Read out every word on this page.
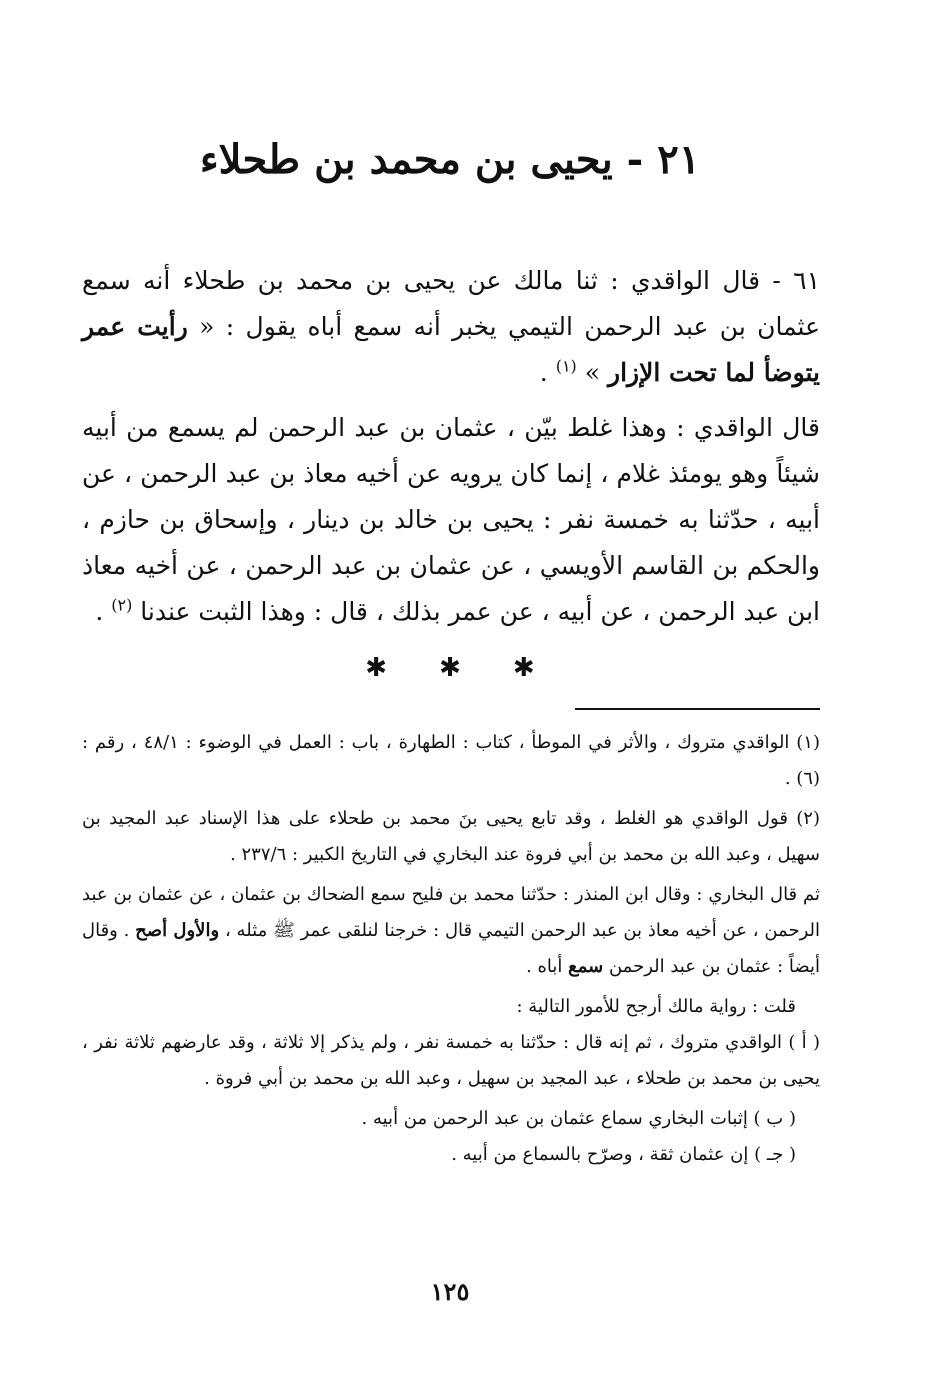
٢١ - يحيى بن محمد بن طحلاء
٦١ - قال الواقدي : ثنا مالك عن يحيى بن محمد بن طحلاء أنه سمع عثمان بن عبد الرحمن التيمي يخبر أنه سمع أباه يقول : « رأيت عمر يتوضأ لما تحت الإزار » $^{(١)}$ .
قال الواقدي : وهذا غلط بيّن ، عثمان بن عبد الرحمن لم يسمع من أبيه شيئاً وهو يومئذ غلام ، إنما كان يرويه عن أخيه معاذ بن عبد الرحمن ، عن أبيه ، حدّثنا به خمسة نفر : يحيى بن خالد بن دينار ، وإسحاق بن حازم ، والحكم بن القاسم الأويسي ، عن عثمان بن عبد الرحمن ، عن أخيه معاذ ابن عبد الرحمن ، عن أبيه ، عن عمر بذلك ، قال : وهذا الثبت عندنا $^{(٢)}$ .
✱✱✱

(١) الواقدي متروك ، والأثر في الموطأ ، كتاب : الطهارة ، باب : العمل في الوضوء : ٤٨/١ ، رقم : (٦) .

(٢) قول الواقدي هو الغلط ، وقد تابع يحيى بنَ محمد بن طحلاء على هذا الإسناد عبد المجيد بن سهيل ، وعبد الله بن محمد بن أبي فروة عند البخاري في التاريخ الكبير : ٢٣٧/٦ .

ثم قال البخاري : وقال ابن المنذر : حدّثنا محمد بن فليح سمع الضحاك بن عثمان ، عن عثمان بن عبد الرحمن ، عن أخيه معاذ بن عبد الرحمن التيمي قال : خرجنا لنلقى عمر ﷺ مثله ، والأول أصح . وقال أيضاً : عثمان بن عبد الرحمن سمع أباه .

قلت : رواية مالك أرجح للأمور التالية :

( أ ) الواقدي متروك ، ثم إنه قال : حدّثنا به خمسة نفر ، ولم يذكر إلا ثلاثة ، وقد عارضهم ثلاثة نفر ، يحيى بن محمد بن طحلاء ، عبد المجيد بن سهيل ، وعبد الله بن محمد بن أبي فروة .

( ب ) إثبات البخاري سماع عثمان بن عبد الرحمن من أبيه .

( جـ ) إن عثمان ثقة ، وصرّح بالسماع من أبيه .

١٢٥
